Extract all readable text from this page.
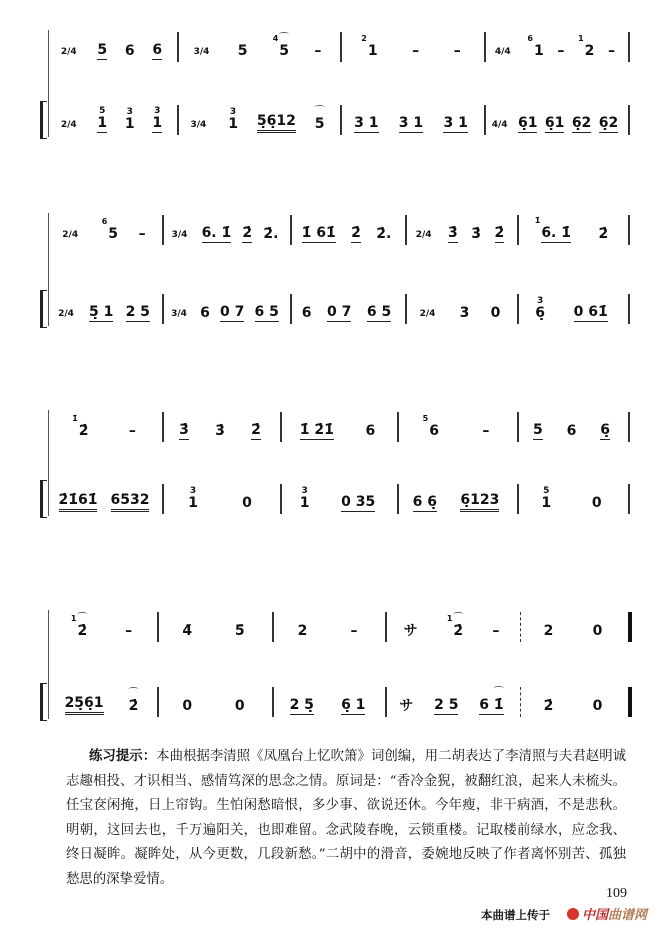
2/4 5 6 6	3/4 5
4
5
⌒
–
2
1 – –	4/4
6
1 –
1
2 –
2/4 1
5
1
3
1
3
3/4 1
3
5̣6̣12 5
⌒
3 1 3 1 3 1	4/4 6̣1 6̣1 6̣2 6̣2
2/4
6
5 –	3/4 6. 1̇ 2̇ 2̇. 1̇ 61̇ 2̇ 2̇.	2/4 3̇ 3̇ 2̇
1̇
6. 1̇ 2̇
2/4 5̣ 1 2 5 3/4 6 0 7 6 5 6 0 7 6 5	2/4 3 0 6̣
3
0 61̇
1̇
2̇	–	3̇ 3̇ 2̇	1̇ 2̇1̇ 6
5
6	–	5 6 6̣
2̇1̇61̇ 6532	1
3
0	1
3
0 35	6 6̣ 6̣123	1
5
0
1
2̇
⌒
–	4̄	5̄	2	–	サ
1
2̇
⌒
–	2	0
25̣6̣1 2̇
⌒
0	0	2 5̣ 6̣ 1 サ 2 5 6 1̇
⌒
2̇	0
练习提示：本曲根据李清照《凤凰台上忆吹箫》词创编，用二胡表达了李清照与夫君赵明诚志趣相投、才识相当、感情笃深的思念之情。原词是：“香冷金猊，被翻红浪，起来人未梳头。任宝奁闲掩，日上帘钩。生怕闲愁暗恨，多少事、欲说还休。今年瘦，非干病酒，不是悲秋。明朝，这回去也，千万遍阳关，也即难留。念武陵春晚，云锁重楼。记取楼前绿水，应念我、终日凝眸。凝眸处，从今更数，几段新愁。”二胡中的滑音，委婉地反映了作者离怀别苦、孤独愁思的深挚爱情。
109
本曲谱上传于 中国 曲谱网
